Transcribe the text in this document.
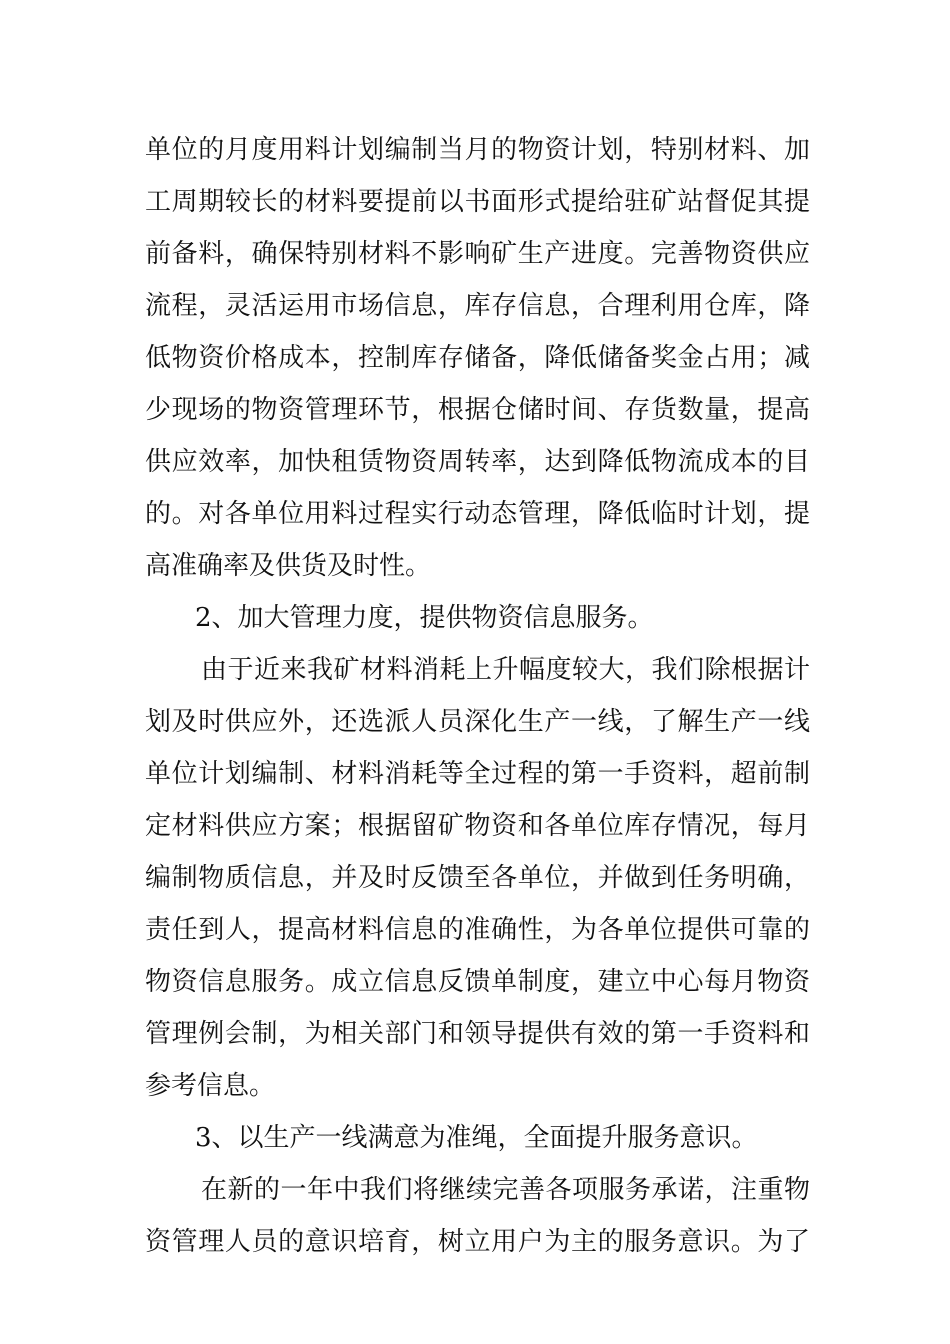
单位的月度用料计划编制当月的物资计划，特别材料、加
工周期较长的材料要提前以书面形式提给驻矿站督促其提
前备料，确保特别材料不影响矿生产进度。完善物资供应
流程，灵活运用市场信息，库存信息，合理利用仓库，降
低物资价格成本，控制库存储备，降低储备奖金占用；减
少现场的物资管理环节，根据仓储时间、存货数量，提高
供应效率，加快租赁物资周转率，达到降低物流成本的目
的。对各单位用料过程实行动态管理，降低临时计划，提
高准确率及供货及时性。
2、加大管理力度，提供物资信息服务。
由于近来我矿材料消耗上升幅度较大，我们除根据计
划及时供应外，还选派人员深化生产一线，了解生产一线
单位计划编制、材料消耗等全过程的第一手资料，超前制
定材料供应方案；根据留矿物资和各单位库存情况，每月
编制物质信息，并及时反馈至各单位，并做到任务明确，
责任到人，提高材料信息的准确性，为各单位提供可靠的
物资信息服务。成立信息反馈单制度，建立中心每月物资
管理例会制，为相关部门和领导提供有效的第一手资料和
参考信息。
3、以生产一线满意为准绳，全面提升服务意识。
在新的一年中我们将继续完善各项服务承诺，注重物
资管理人员的意识培育，树立用户为主的服务意识。为了
